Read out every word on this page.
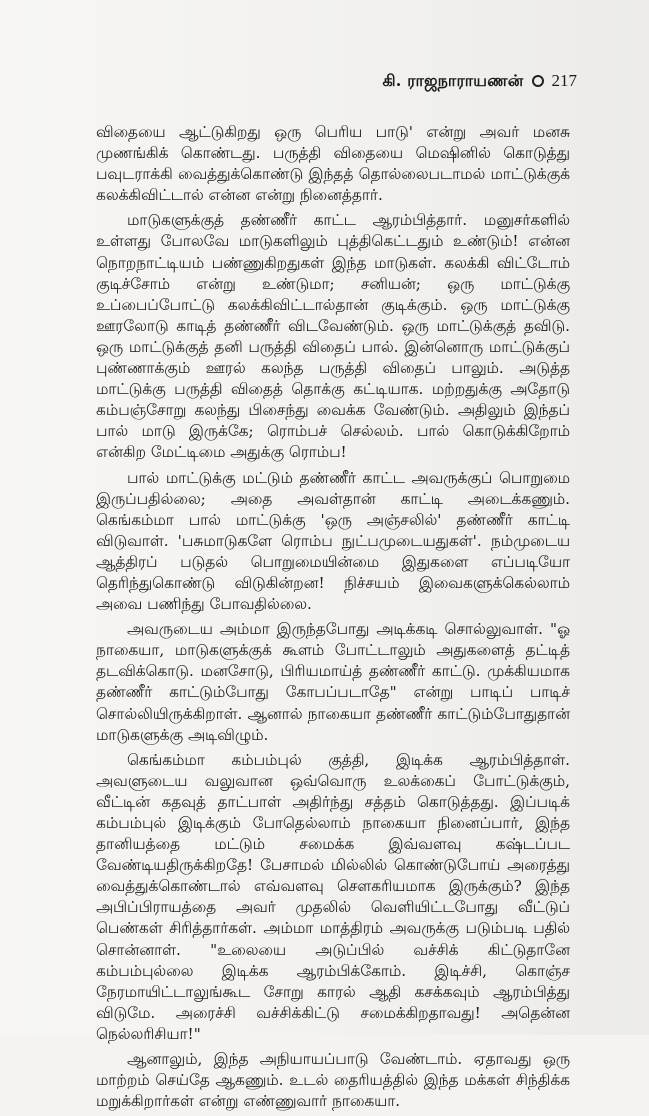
கி. ராஜநாராயணன் 217

விதையை ஆட்டுகிறது ஒரு பெரிய பாடு' என்று அவர் மனசு முணங்கிக் கொண்டது. பருத்தி விதையை மெஷினில் கொடுத்து பவுடராக்கி வைத்துக்கொண்டு இந்தத் தொல்லைபடாமல் மாட்டுக்குக் கலக்கிவிட்டால் என்ன என்று நினைத்தார்.

மாடுகளுக்குத் தண்ணீர் காட்ட ஆரம்பித்தார். மனுசர்களில் உள்ளது போலவே மாடுகளிலும் புத்திகெட்டதும் உண்டும்! என்ன நொறநாட்டியம் பண்ணுகிறதுகள் இந்த மாடுகள். கலக்கி விட்டோம் குடிச்சோம் என்று உண்டுமா; சனியன்; ஒரு மாட்டுக்கு உப்பைப்போட்டு கலக்கிவிட்டால்தான் குடிக்கும். ஒரு மாட்டுக்கு ஊரலோடு காடித் தண்ணீர் விடவேண்டும். ஒரு மாட்டுக்குத் தவிடு. ஒரு மாட்டுக்குத் தனி பருத்தி விதைப் பால். இன்னொரு மாட்டுக்குப் புண்ணாக்கும் ஊரல் கலந்த பருத்தி விதைப் பாலும். அடுத்த மாட்டுக்கு பருத்தி விதைத் தொக்கு கட்டியாக. மற்றதுக்கு அதோடு கம்பஞ்சோறு கலந்து பிசைந்து வைக்க வேண்டும். அதிலும் இந்தப் பால் மாடு இருக்கே; ரொம்பச் செல்லம். பால் கொடுக்கிறோம் என்கிற மேட்டிமை அதுக்கு ரொம்ப!

பால் மாட்டுக்கு மட்டும் தண்ணீர் காட்ட அவருக்குப் பொறுமை இருப்பதில்லை; அதை அவள்தான் காட்டி அடைக்கணும். கெங்கம்மா பால் மாட்டுக்கு 'ஒரு அஞ்சலில்' தண்ணீர் காட்டி விடுவாள். 'பசுமாடுகளே ரொம்ப நுட்பமுடையதுகள்'. நம்முடைய ஆத்திரப் படுதல் பொறுமையின்மை இதுகளை எப்படியோ தெரிந்துகொண்டு விடுகின்றன! நிச்சயம் இவைகளுக்கெல்லாம் அவை பணிந்து போவதில்லை.

அவருடைய அம்மா இருந்தபோது அடிக்கடி சொல்லுவாள். "ஓ நாகையா, மாடுகளுக்குக் கூளம் போட்டாலும் அதுகளைத் தட்டித் தடவிக்கொடு. மனசோடு, பிரியமாய்த் தண்ணீர் காட்டு. முக்கியமாக தண்ணீர் காட்டும்போது கோபப்படாதே" என்று பாடிப் பாடிச் சொல்லியிருக்கிறாள். ஆனால் நாகையா தண்ணீர் காட்டும்போதுதான் மாடுகளுக்கு அடிவிழும்.

கெங்கம்மா கம்பம்புல் குத்தி, இடிக்க ஆரம்பித்தாள். அவளுடைய வலுவான ஒவ்வொரு உலக்கைப் போட்டுக்கும், வீட்டின் கதவுத் தாட்பாள் அதிர்ந்து சத்தம் கொடுத்தது. இப்படிக் கம்பம்புல் இடிக்கும் போதெல்லாம் நாகையா நினைப்பார், இந்த தானியத்தை மட்டும் சமைக்க இவ்வளவு கஷ்டப்பட வேண்டியதிருக்கிறதே! பேசாமல் மில்லில் கொண்டுபோய் அரைத்து வைத்துக்கொண்டால் எவ்வளவு சௌகரியமாக இருக்கும்? இந்த அபிப்பிராயத்தை அவர் முதலில் வெளியிட்டபோது வீட்டுப் பெண்கள் சிரித்தார்கள். அம்மா மாத்திரம் அவருக்கு படும்படி பதில் சொன்னாள். "உலையை அடுப்பில் வச்சிக் கிட்டுதானே கம்பம்புல்லை இடிக்க ஆரம்பிக்கோம். இடிச்சி, கொஞ்ச நேரமாயிட்டாலுங்கூட சோறு காரல் ஆதி கசக்கவும் ஆரம்பித்து விடுமே. அரைச்சி வச்சிக்கிட்டு சமைக்கிறதாவது! அதென்ன நெல்லரிசியா!"

ஆனாலும், இந்த அநியாயப்பாடு வேண்டாம். ஏதாவது ஒரு மாற்றம் செய்தே ஆகணும். உடல் தைரியத்தில் இந்த மக்கள் சிந்திக்க மறுக்கிறார்கள் என்று எண்ணுவார் நாகையா.
